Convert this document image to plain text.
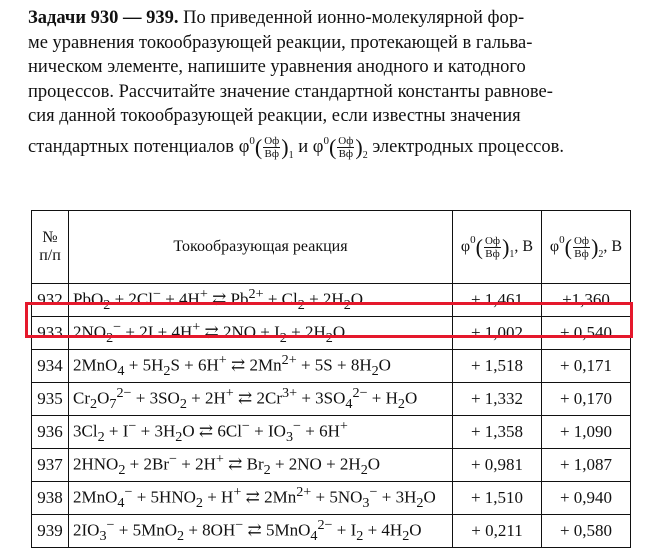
Задачи 930 — 939. По приведенной ионно-молекулярной фор-
ме уравнения токообразующей реакции, протекающей в гальва-
ническом элементе, напишите уравнения анодного и катодного
процессов. Рассчитайте значение стандартной константы равнове-
сия данной токообразующей реакции, если известны значения
стандартных потенциалов $\varphi^0( \frac{Оф}{Вф} )_1$ и $\varphi^0( \frac{Оф}{Вф} )_2$ электродных процессов.
№ п/п	Токообразующая реакция	$\varphi^0( \frac{Оф}{Вф} )_1$, В	$\varphi^0( \frac{Оф}{Вф} )_2$, В
932	PbO$_2$ + 2Cl− + 4H+ ⇄ $Pb^{2+} + Cl_2 + 2H_2O$	+ 1,461	+1,360
933	$2NO_2^- + 2I + 4H^+$ ⇄ $2NO + I_2 + 2H_2O$	+ 1,002	+ 0,540
934	$2MnO_4 + 5H_2S + 6H^+$ ⇄ $2Mn^{2+} + 5S + 8H_2O$	+ 1,518	+ 0,171
935	$Cr_2O_7^{2-} + 3SO_2 + 2H^+$ ⇄ $2Cr^{3+} + 3SO_4^{2-} + H_2O$	+ 1,332	+ 0,170
936	$3Cl_2 + I^- + 3H_2O$ ⇄ $6Cl^- + IO_3^- + 6H^+$	+ 1,358	+ 1,090
937	$2HNO_2 + 2Br^- + 2H^+$ ⇄ $Br_2 + 2NO + 2H_2O$	+ 0,981	+ 1,087
938	$2MnO_4^- + 5HNO_2 + H^+$ ⇄ $2Mn^{2+} + 5NO_3^- + 3H_2O$	+ 1,510	+ 0,940
939	$2IO_3^- + 5MnO_2 + 8OH^-$ ⇄ $5MnO_4^{2-} + I_2 + 4H_2O$	+ 0,211	+ 0,580
